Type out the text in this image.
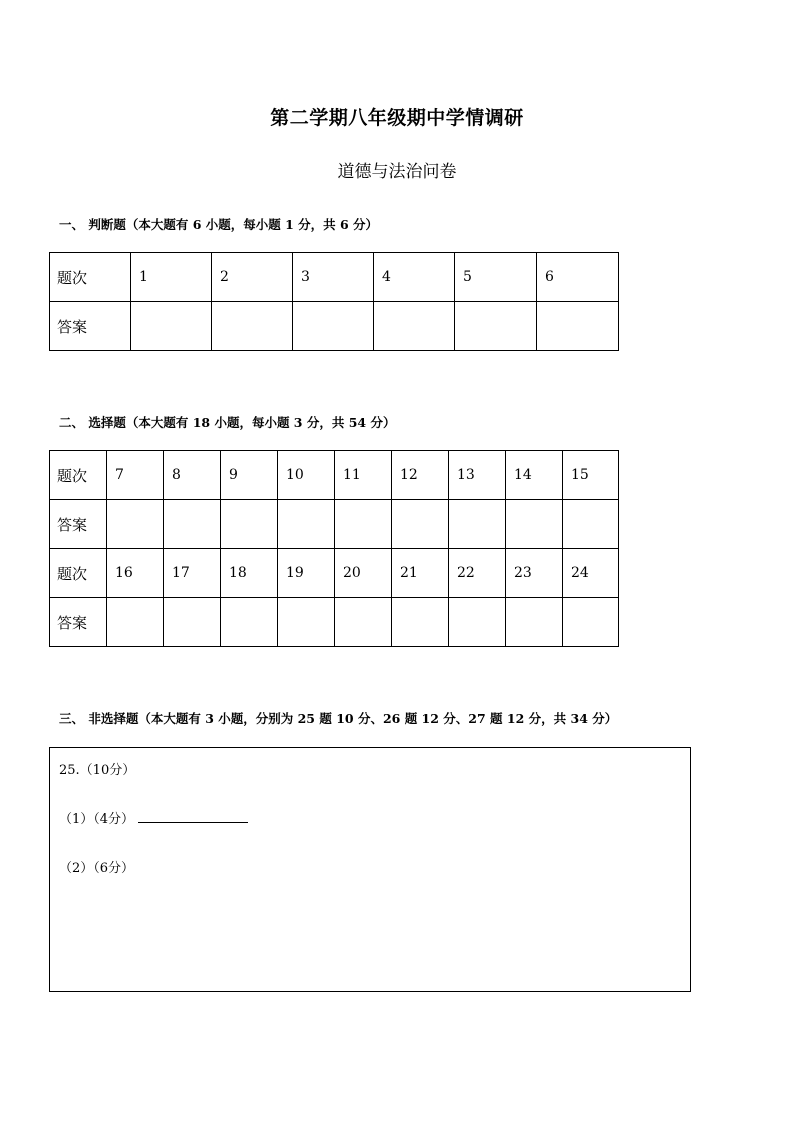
第二学期八年级期中学情调研
道德与法治问卷
一、 判断题（本大题有 6 小题，每小题 1 分，共 6 分）
题次	1	2	3	4	5	6
答案						
二、 选择题（本大题有 18 小题，每小题 3 分，共 54 分）
题次	7	8	9	10	11	12	13	14	15
答案									
题次	16	17	18	19	20	21	22	23	24
答案									
三、 非选择题（本大题有 3 小题，分别为 25 题 10 分、26 题 12 分、27 题 12 分，共 34 分）
25.（10分）
（1）（4分）
（2）（6分）
